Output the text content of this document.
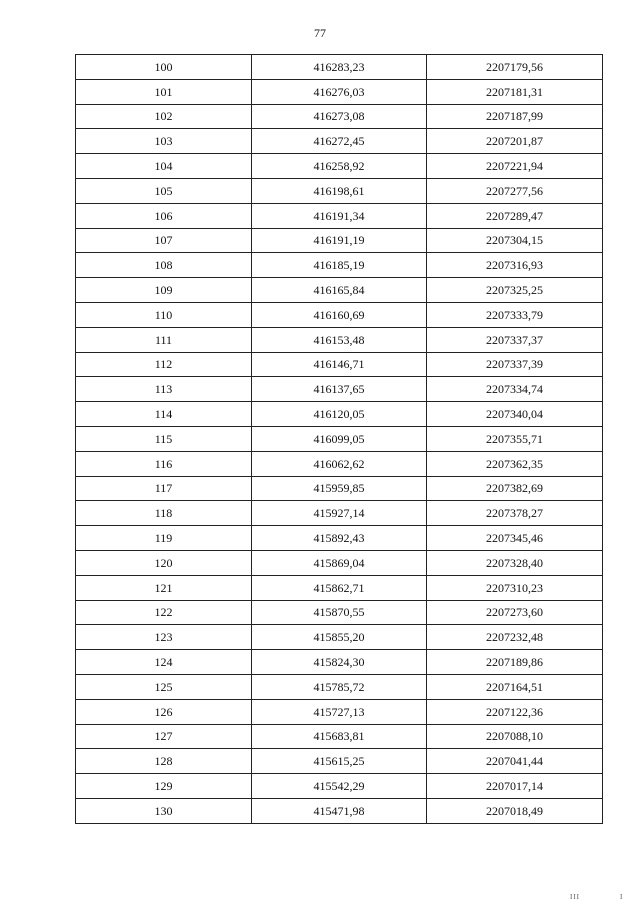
77
100	416283,23	2207179,56
101	416276,03	2207181,31
102	416273,08	2207187,99
103	416272,45	2207201,87
104	416258,92	2207221,94
105	416198,61	2207277,56
106	416191,34	2207289,47
107	416191,19	2207304,15
108	416185,19	2207316,93
109	416165,84	2207325,25
110	416160,69	2207333,79
111	416153,48	2207337,37
112	416146,71	2207337,39
113	416137,65	2207334,74
114	416120,05	2207340,04
115	416099,05	2207355,71
116	416062,62	2207362,35
117	415959,85	2207382,69
118	415927,14	2207378,27
119	415892,43	2207345,46
120	415869,04	2207328,40
121	415862,71	2207310,23
122	415870,55	2207273,60
123	415855,20	2207232,48
124	415824,30	2207189,86
125	415785,72	2207164,51
126	415727,13	2207122,36
127	415683,81	2207088,10
128	415615,25	2207041,44
129	415542,29	2207017,14
130	415471,98	2207018,49
III	I
